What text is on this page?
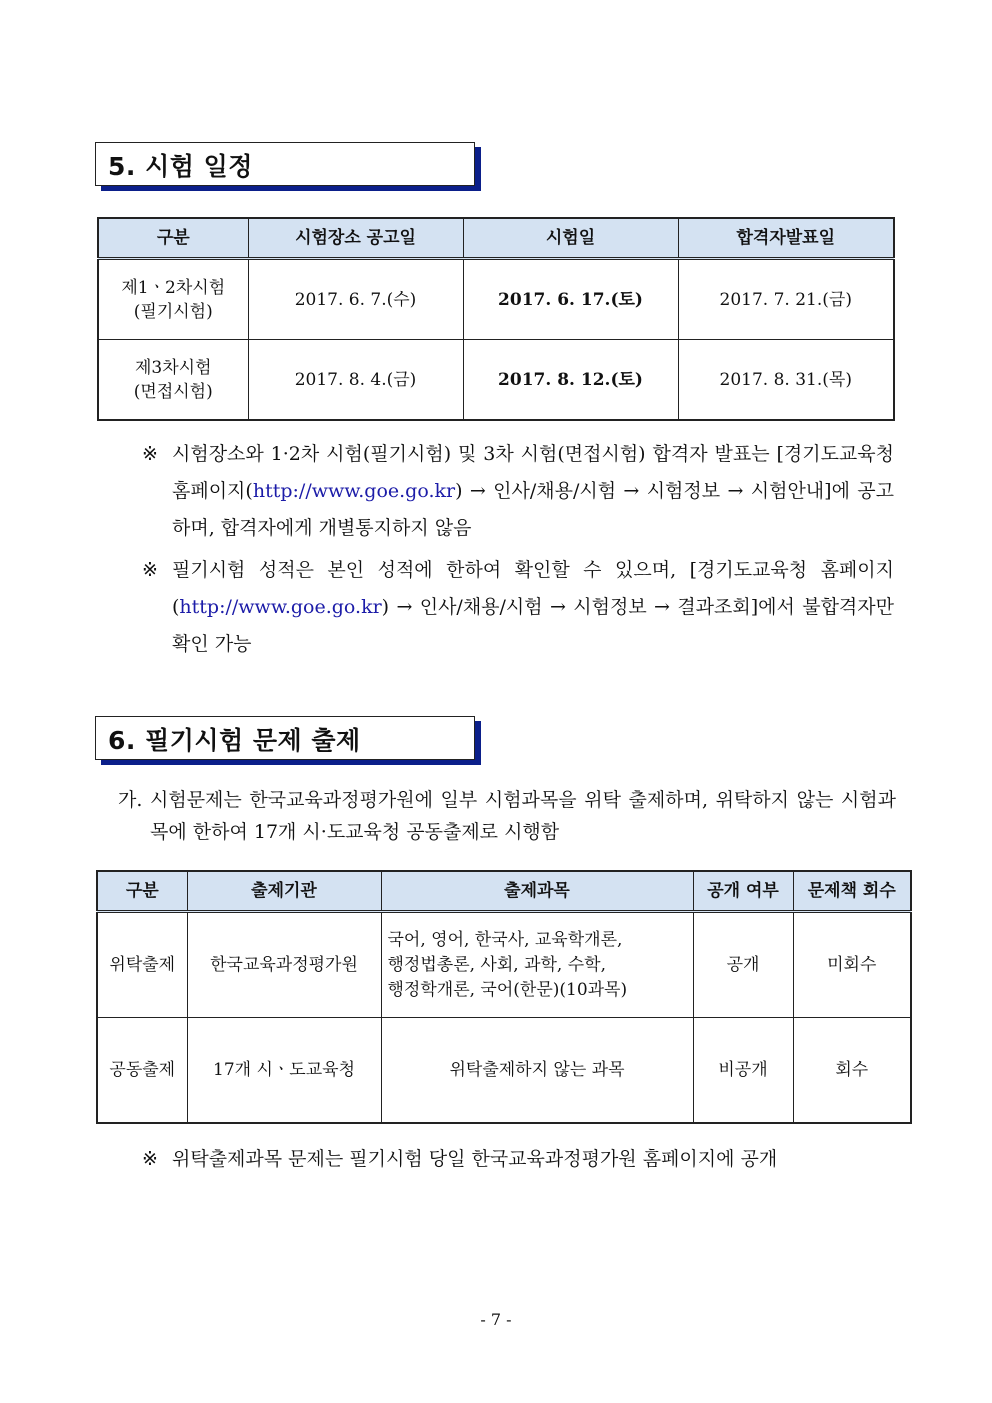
5. 시험 일정
구분	시험장소 공고일	시험일	합격자발표일

제1ㆍ2차시험
(필기시험)	2017. 6. 7.(수)	2017. 6. 17.(토)	2017. 7. 21.(금)

제3차시험
(면접시험)	2017. 8. 4.(금)	2017. 8. 12.(토)	2017. 8. 31.(목)
※ 시험장소와 1·2차 시험(필기시험) 및 3차 시험(면접시험) 합격자 발표는 [경기도교육청 홈페이지(http://www.goe.go.kr) → 인사/채용/시험 → 시험정보 → 시험안내]에 공고하며, 합격자에게 개별통지하지 않음
※ 필기시험 성적은 본인 성적에 한하여 확인할 수 있으며, [경기도교육청 홈페이지(http://www.goe.go.kr) → 인사/채용/시험 → 시험정보 → 결과조회]에서 불합격자만 확인 가능
6. 필기시험 문제 출제
가. 시험문제는 한국교육과정평가원에 일부 시험과목을 위탁 출제하며, 위탁하지 않는 시험과목에 한하여 17개 시·도교육청 공동출제로 시행함
구분	출제기관	출제과목	공개 여부	문제책 회수
위탁출제	한국교육과정평가원	국어, 영어, 한국사, 교육학개론,
행정법총론, 사회, 과학, 수학,
행정학개론, 국어(한문)(10과목)	공개	미회수
공동출제	17개 시ㆍ도교육청	위탁출제하지 않는 과목	비공개	회수
※ 위탁출제과목 문제는 필기시험 당일 한국교육과정평가원 홈페이지에 공개
- 7 -
